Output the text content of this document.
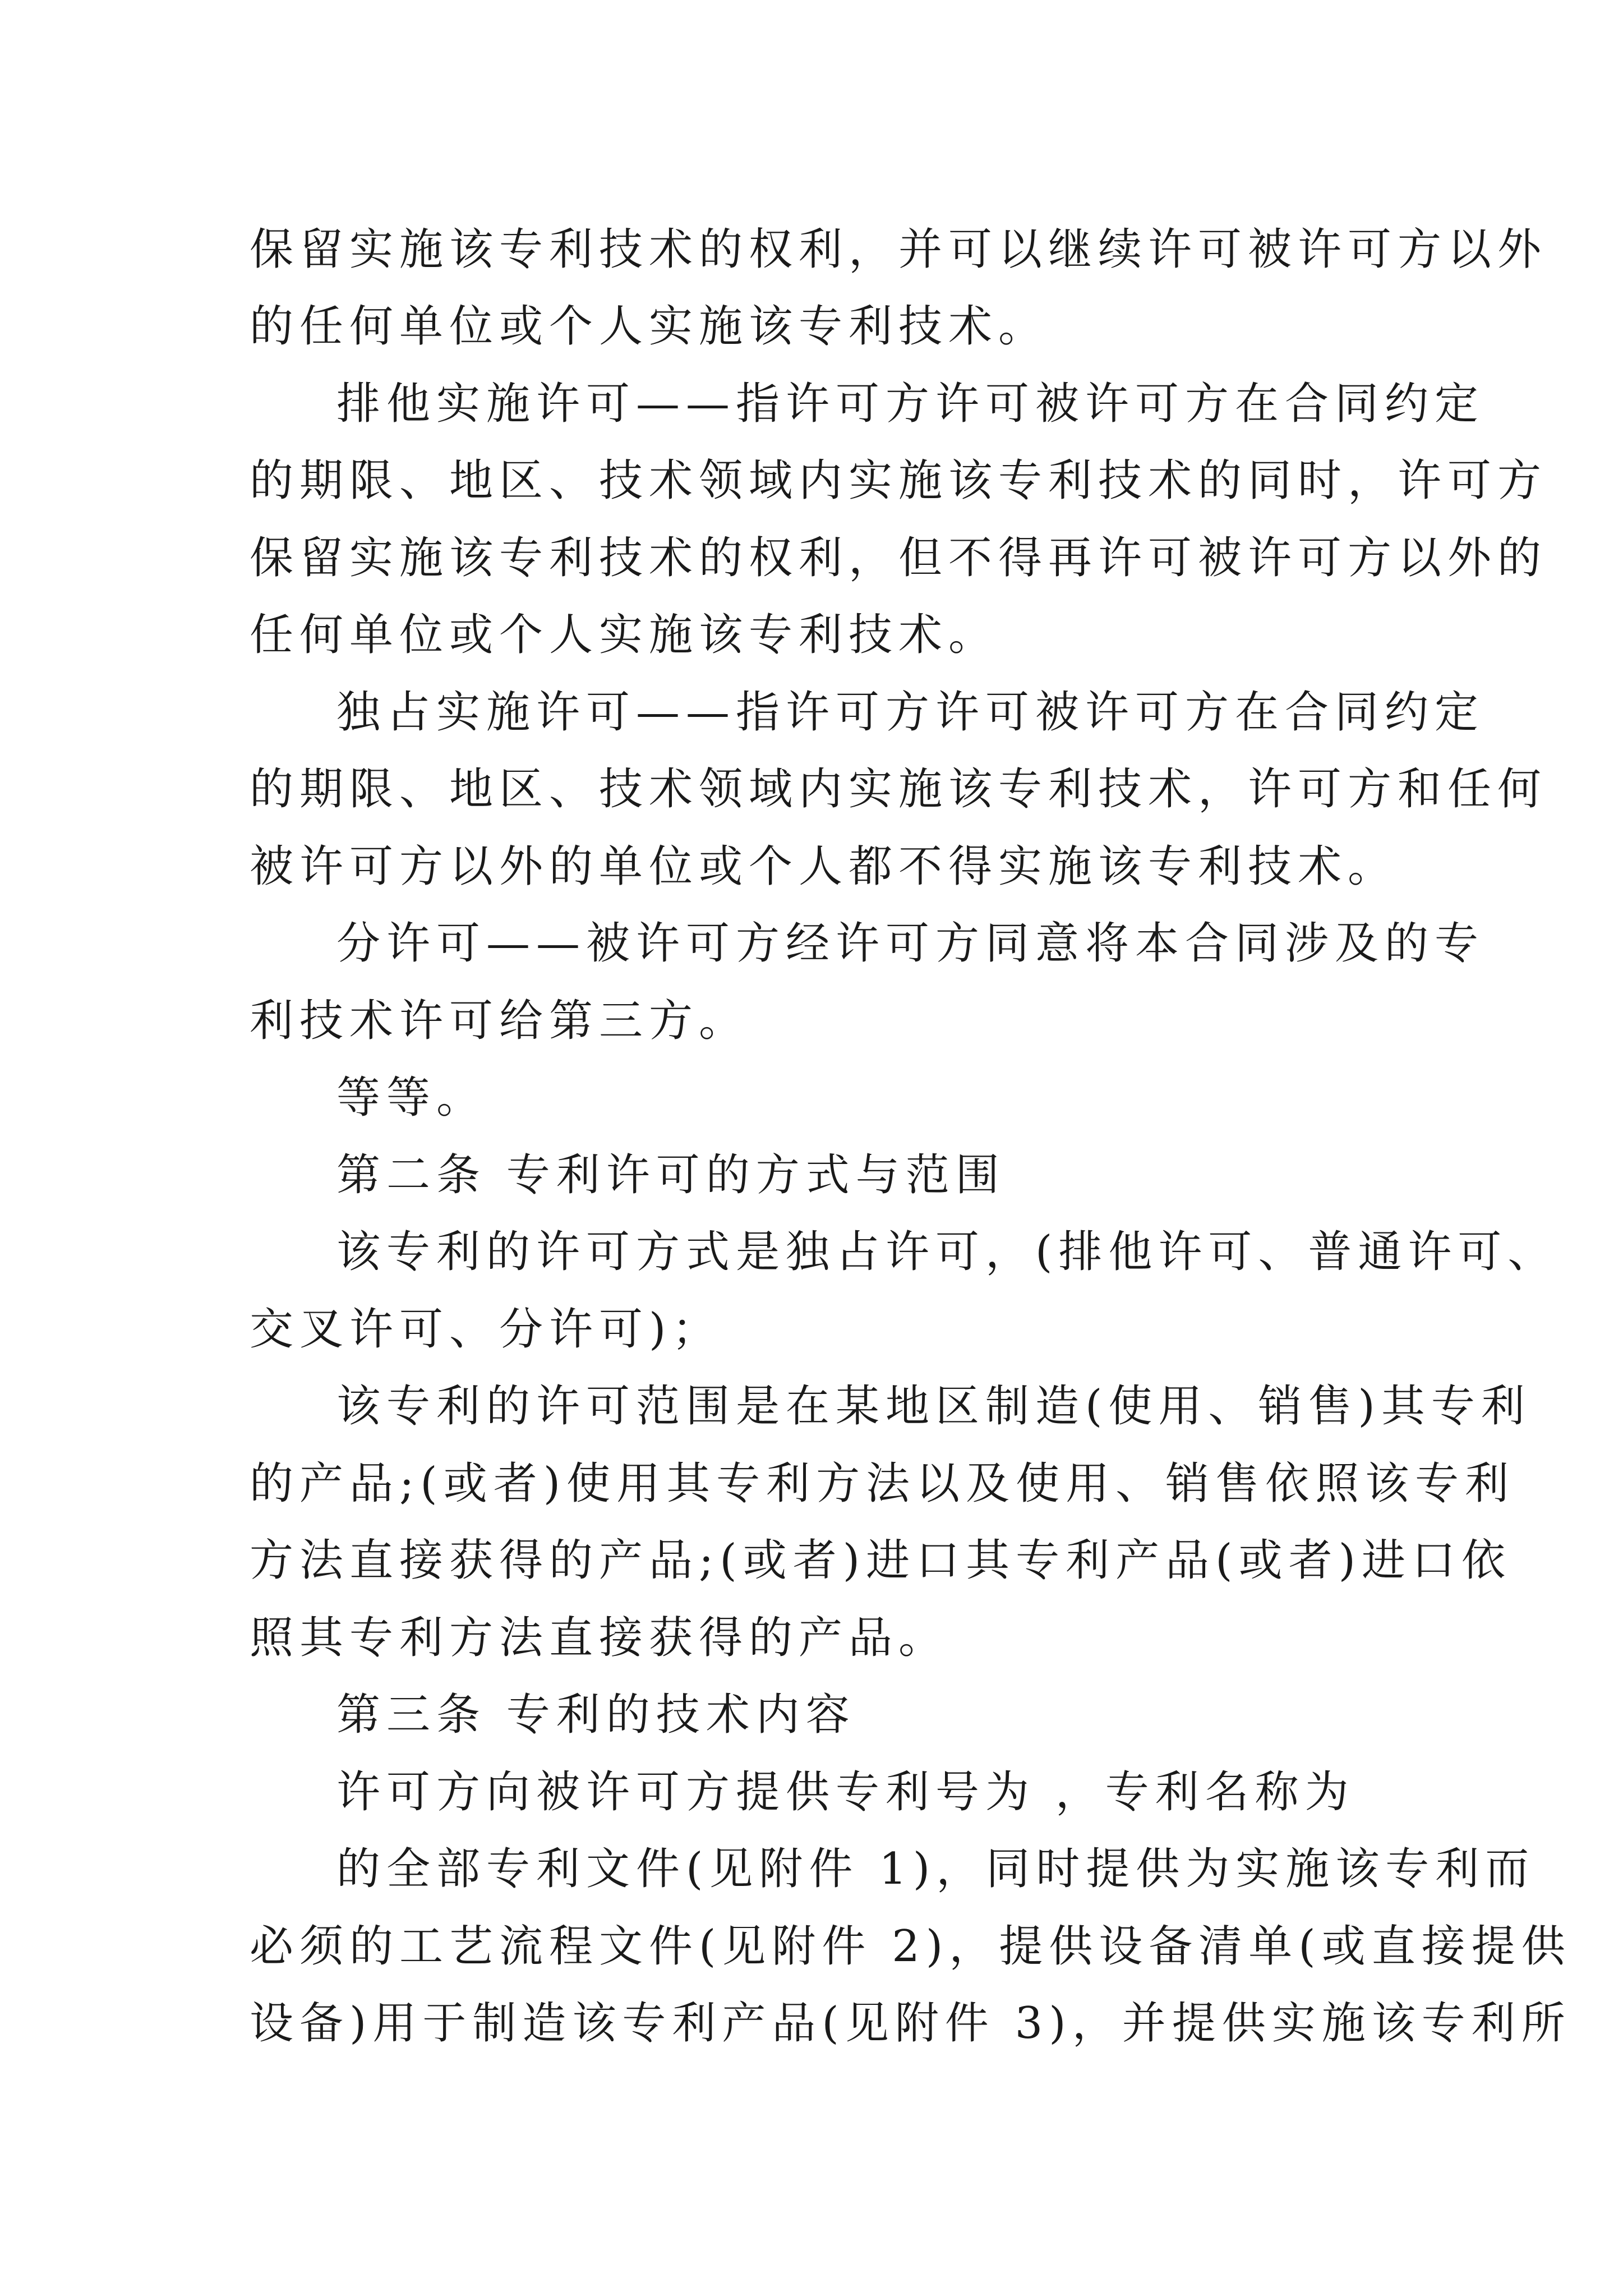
保留实施该专利技术的权利，并可以继续许可被许可方以外
的任何单位或个人实施该专利技术。
排他实施许可——指许可方许可被许可方在合同约定
的期限、地区、技术领域内实施该专利技术的同时，许可方
保留实施该专利技术的权利，但不得再许可被许可方以外的
任何单位或个人实施该专利技术。
独占实施许可——指许可方许可被许可方在合同约定
的期限、地区、技术领域内实施该专利技术，许可方和任何
被许可方以外的单位或个人都不得实施该专利技术。
分许可——被许可方经许可方同意将本合同涉及的专
利技术许可给第三方。
等等。
第二条 专利许可的方式与范围
该专利的许可方式是独占许可，(排他许可、普通许可、
交叉许可、分许可)；
该专利的许可范围是在某地区制造(使用、销售)其专利
的产品;(或者)使用其专利方法以及使用、销售依照该专利
方法直接获得的产品;(或者)进口其专利产品(或者)进口依
照其专利方法直接获得的产品。
第三条 专利的技术内容
许可方向被许可方提供专利号为 ，专利名称为
的全部专利文件(见附件 1)，同时提供为实施该专利而
必须的工艺流程文件(见附件 2)，提供设备清单(或直接提供
设备)用于制造该专利产品(见附件 3)，并提供实施该专利所
